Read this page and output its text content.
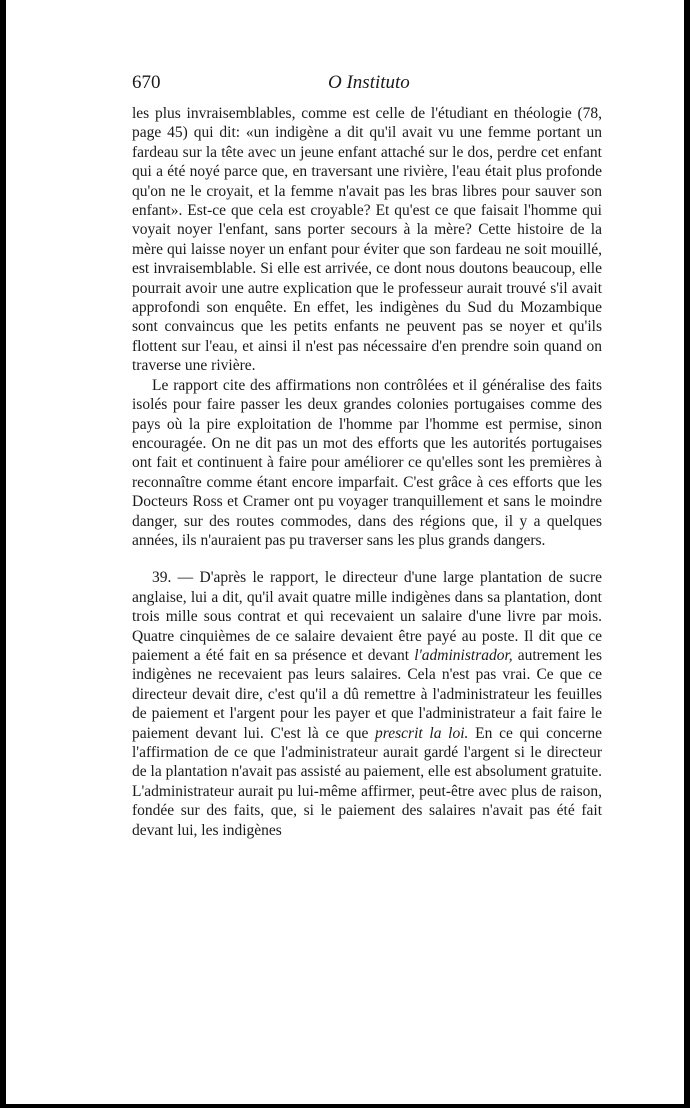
670	O Instituto

les plus invraisemblables, comme est celle de l'étudiant en théologie (78, page 45) qui dit: «un indigène a dit qu'il avait vu une femme portant un fardeau sur la tête avec un jeune enfant attaché sur le dos, perdre cet enfant qui a été noyé parce que, en traversant une rivière, l'eau était plus profonde qu'on ne le croyait, et la femme n'avait pas les bras libres pour sauver son enfant». Est-ce que cela est croyable? Et qu'est ce que faisait l'homme qui voyait noyer l'enfant, sans porter secours à la mère? Cette histoire de la mère qui laisse noyer un enfant pour éviter que son fardeau ne soit mouillé, est invraisemblable. Si elle est arrivée, ce dont nous doutons beaucoup, elle pourrait avoir une autre explication que le professeur aurait trouvé s'il avait approfondi son enquête. En effet, les indigènes du Sud du Mozambique sont convaincus que les petits enfants ne peuvent pas se noyer et qu'ils flottent sur l'eau, et ainsi il n'est pas nécessaire d'en prendre soin quand on traverse une rivière.

Le rapport cite des affirmations non contrôlées et il généralise des faits isolés pour faire passer les deux grandes colonies portugaises comme des pays où la pire exploitation de l'homme par l'homme est permise, sinon encouragée. On ne dit pas un mot des efforts que les autorités portugaises ont fait et continuent à faire pour améliorer ce qu'elles sont les premières à reconnaître comme étant encore imparfait. C'est grâce à ces efforts que les Docteurs Ross et Cramer ont pu voyager tranquillement et sans le moindre danger, sur des routes commodes, dans des régions que, il y a quelques années, ils n'auraient pas pu traverser sans les plus grands dangers.

39. — D'après le rapport, le directeur d'une large plantation de sucre anglaise, lui a dit, qu'il avait quatre mille indigènes dans sa plantation, dont trois mille sous contrat et qui recevaient un salaire d'une livre par mois. Quatre cinquièmes de ce salaire devaient être payé au poste. Il dit que ce paiement a été fait en sa présence et devant l'administrador, autrement les indigènes ne recevaient pas leurs salaires. Cela n'est pas vrai. Ce que ce directeur devait dire, c'est qu'il a dû remettre à l'administrateur les feuilles de paiement et l'argent pour les payer et que l'administrateur a fait faire le paiement devant lui. C'est là ce que prescrit la loi. En ce qui concerne l'affirmation de ce que l'administrateur aurait gardé l'argent si le directeur de la plantation n'avait pas assisté au paiement, elle est absolument gratuite. L'administrateur aurait pu lui-même affirmer, peut-être avec plus de raison, fondée sur des faits, que, si le paiement des salaires n'avait pas été fait devant lui, les indigènes
